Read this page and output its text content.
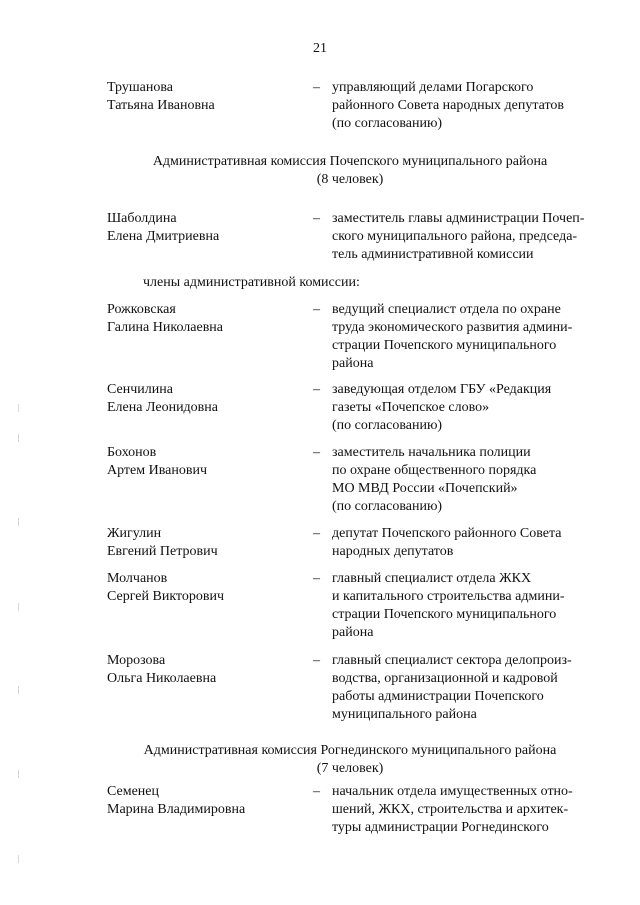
21
Трушанова
Татьяна Ивановна
– управляющий делами Погарского
районного Совета народных депутатов
(по согласованию)
Административная комиссия Почепского муниципального района
(8 человек)
Шаболдина
Елена Дмитриевна
– заместитель главы администрации Почеп-
ского муниципального района, председа-
тель административной комиссии
члены административной комиссии:
Рожковская
Галина Николаевна
– ведущий специалист отдела по охране
труда экономического развития админи-
страции Почепского муниципального
района
Сенчилина
Елена Леонидовна
– заведующая отделом ГБУ «Редакция
газеты «Почепское слово»
(по согласованию)
Бохонов
Артем Иванович
– заместитель начальника полиции
по охране общественного порядка
МО МВД России «Почепский»
(по согласованию)
Жигулин
Евгений Петрович
– депутат Почепского районного Совета
народных депутатов
Молчанов
Сергей Викторович
– главный специалист отдела ЖКХ
и капитального строительства админи-
страции Почепского муниципального
района
Морозова
Ольга Николаевна
– главный специалист сектора делопроиз-
водства, организационной и кадровой
работы администрации Почепского
муниципального района
Административная комиссия Рогнединского муниципального района
(7 человек)
Семенец
Марина Владимировна
– начальник отдела имущественных отно-
шений, ЖКХ, строительства и архитек-
туры администрации Рогнединского
